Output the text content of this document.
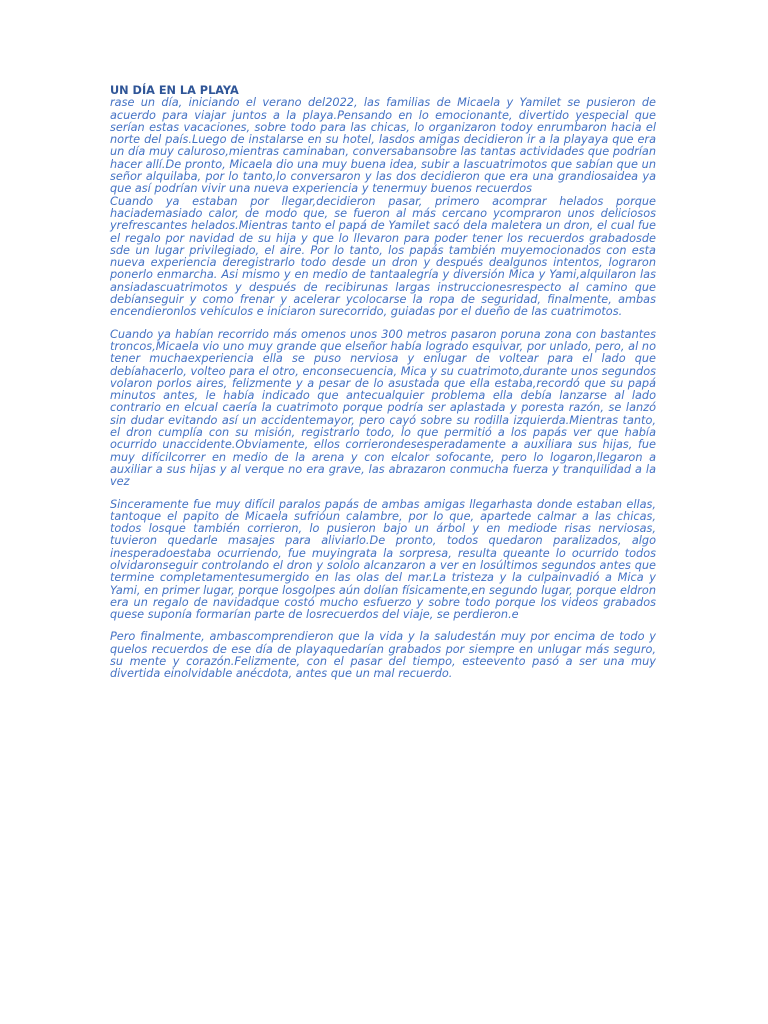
UN DÍA EN LA PLAYA

rase un día, iniciando el verano del2022, las familias de Micaela y Yamilet se pusieron de acuerdo para viajar juntos a la playa.Pensando en lo emocionante, divertido yespecial que serían estas vacaciones, sobre todo para las chicas, lo organizaron todoy enrumbaron hacia el norte del país.Luego de instalarse en su hotel, lasdos amigas decidieron ir a la playaya que era un día muy caluroso,mientras caminaban, conversabansobre las tantas actividades que podrían hacer allí.De pronto, Micaela dio una muy buena idea, subir a lascuatrimotos que sabían que un señor alquilaba, por lo tanto,lo conversaron y las dos decidieron que era una grandiosaidea ya que así podrían vivir una nueva experiencia y tenermuy buenos recuerdos

Cuando ya estaban por llegar,decidieron pasar, primero acomprar helados porque haciademasiado calor, de modo que, se fueron al más cercano ycompraron unos deliciosos yrefrescantes helados.Mientras tanto el papá de Yamilet sacó dela maletera un dron, el cual fue el regalo por navidad de su hija y que lo llevaron para poder tener los recuerdos grabadosde sde un lugar privilegiado, el aire. Por lo tanto, los papás también muyemocionados con esta nueva experiencia deregistrarlo todo desde un dron y después dealgunos intentos, lograron ponerlo enmarcha. Asi mismo y en medio de tantaalegría y diversión Mica y Yami,alquilaron las ansiadascuatrimotos y después de recibirunas largas instruccionesrespecto al camino que debíanseguir y como frenar y acelerar ycolocarse la ropa de seguridad, finalmente, ambas encendieronlos vehículos e iniciaron surecorrido, guiadas por el dueño de las cuatrimotos.

Cuando ya habían recorrido más omenos unos 300 metros pasaron poruna zona con bastantes troncos,Micaela vio uno muy grande que elseñor había logrado esquivar, por unlado, pero, al no tener muchaexperiencia ella se puso nerviosa y enlugar de voltear para el lado que debíahacerlo, volteo para el otro, enconsecuencia, Mica y su cuatrimoto,durante unos segundos volaron porlos aires, felizmente y a pesar de lo asustada que ella estaba,recordó que su papá minutos antes, le había indicado que antecualquier problema ella debía lanzarse al lado contrario en elcual caería la cuatrimoto porque podría ser aplastada y poresta razón, se lanzó sin dudar evitando así un accidentemayor, pero cayó sobre su rodilla izquierda.Mientras tanto, el dron cumplía con su misión, registrarlo todo, lo que permitió a los papás ver que había ocurrido unaccidente.Obviamente, ellos corrierondesesperadamente a auxiliara sus hijas, fue muy difícilcorrer en medio de la arena y con elcalor sofocante, pero lo logaron,llegaron a auxiliar a sus hijas y al verque no era grave, las abrazaron conmucha fuerza y tranquilidad a la vez

Sinceramente fue muy difícil paralos papás de ambas amigas llegarhasta donde estaban ellas, tantoque el papito de Micaela sufrióun calambre, por lo que, apartede calmar a las chicas, todos losque también corrieron, lo pusieron bajo un árbol y en mediode risas nerviosas, tuvieron quedarle masajes para aliviarlo.De pronto, todos quedaron paralizados, algo inesperadoestaba ocurriendo, fue muyingrata la sorpresa, resulta queante lo ocurrido todos olvidaronseguir controlando el dron y sololo alcanzaron a ver en losúltimos segundos antes que termine completamentesumergido en las olas del mar.La tristeza y la culpainvadió a Mica y Yami, en primer lugar, porque losgolpes aún dolían físicamente,en segundo lugar, porque eldron era un regalo de navidadque costó mucho esfuerzo y sobre todo porque los videos grabados quese suponía formarían parte de losrecuerdos del viaje, se perdieron.e

Pero finalmente, ambascomprendieron que la vida y la saludestán muy por encima de todo y quelos recuerdos de ese día de playaquedarían grabados por siempre en unlugar más seguro, su mente y corazón.Felizmente, con el pasar del tiempo, esteevento pasó a ser una muy divertida einolvidable anécdota, antes que un mal recuerdo.
